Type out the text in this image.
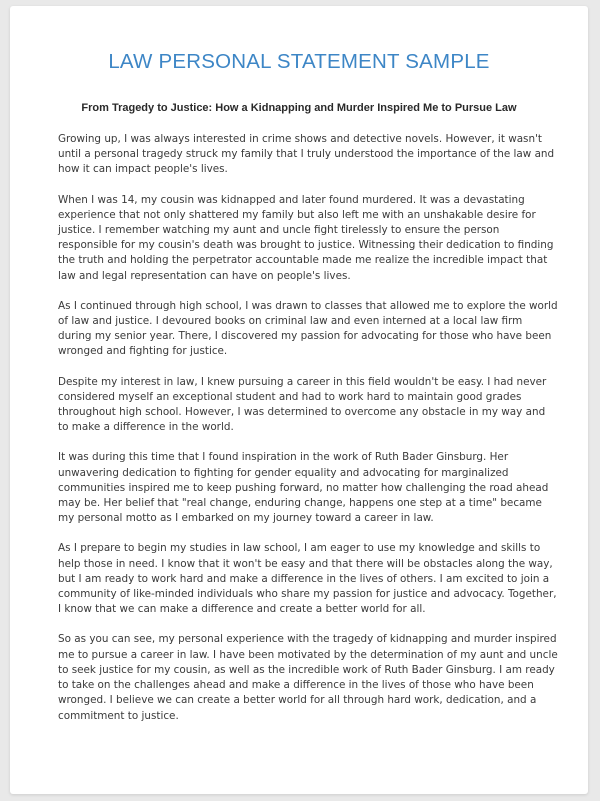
LAW PERSONAL STATEMENT SAMPLE
From Tragedy to Justice: How a Kidnapping and Murder Inspired Me to Pursue Law

Growing up, I was always interested in crime shows and detective novels. However, it wasn't until a personal tragedy struck my family that I truly understood the importance of the law and how it can impact people's lives.

When I was 14, my cousin was kidnapped and later found murdered. It was a devastating experience that not only shattered my family but also left me with an unshakable desire for justice. I remember watching my aunt and uncle fight tirelessly to ensure the person responsible for my cousin's death was brought to justice. Witnessing their dedication to finding the truth and holding the perpetrator accountable made me realize the incredible impact that law and legal representation can have on people's lives.

As I continued through high school, I was drawn to classes that allowed me to explore the world of law and justice. I devoured books on criminal law and even interned at a local law firm during my senior year. There, I discovered my passion for advocating for those who have been wronged and fighting for justice.

Despite my interest in law, I knew pursuing a career in this field wouldn't be easy. I had never considered myself an exceptional student and had to work hard to maintain good grades throughout high school. However, I was determined to overcome any obstacle in my way and to make a difference in the world.

It was during this time that I found inspiration in the work of Ruth Bader Ginsburg. Her unwavering dedication to fighting for gender equality and advocating for marginalized communities inspired me to keep pushing forward, no matter how challenging the road ahead may be. Her belief that "real change, enduring change, happens one step at a time" became my personal motto as I embarked on my journey toward a career in law.

As I prepare to begin my studies in law school, I am eager to use my knowledge and skills to help those in need. I know that it won't be easy and that there will be obstacles along the way, but I am ready to work hard and make a difference in the lives of others. I am excited to join a community of like-minded individuals who share my passion for justice and advocacy. Together, I know that we can make a difference and create a better world for all.

So as you can see, my personal experience with the tragedy of kidnapping and murder inspired me to pursue a career in law. I have been motivated by the determination of my aunt and uncle to seek justice for my cousin, as well as the incredible work of Ruth Bader Ginsburg. I am ready to take on the challenges ahead and make a difference in the lives of those who have been wronged. I believe we can create a better world for all through hard work, dedication, and a commitment to justice.
